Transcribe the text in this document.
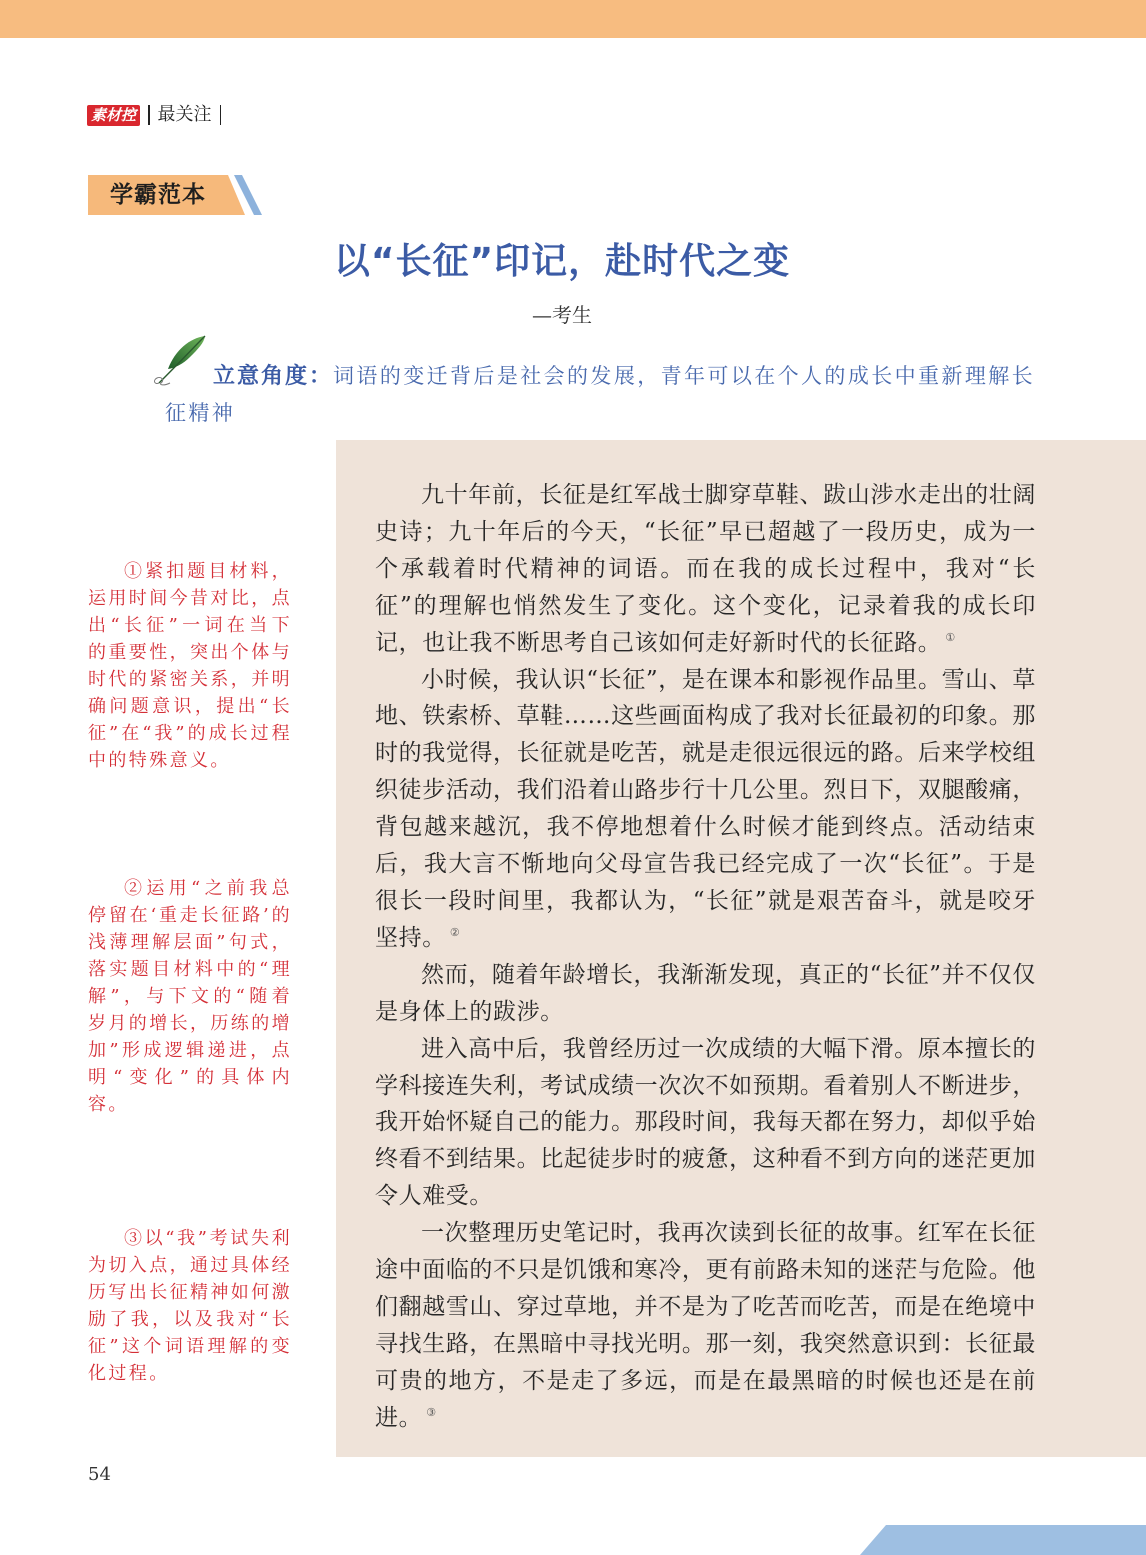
素材控 最关注
学霸范本
以“长征”印记，赴时代之变
—考生

立意角度：词语的变迁背后是社会的发展，青年可以在个人的成长中重新理解长征精神

九十年前，长征是红军战士脚穿草鞋、跋山涉水走出的壮阔史诗；九十年后的今天，“长征”早已超越了一段历史，成为一个承载着时代精神的词语。而在我的成长过程中，我对“长征”的理解也悄然发生了变化。这个变化，记录着我的成长印记，也让我不断思考自己该如何走好新时代的长征路。 ①

小时候，我认识“长征”，是在课本和影视作品里。雪山、草地、铁索桥、草鞋……这些画面构成了我对长征最初的印象。那时的我觉得，长征就是吃苦，就是走很远很远的路。后来学校组织徒步活动，我们沿着山路步行十几公里。烈日下，双腿酸痛，背包越来越沉，我不停地想着什么时候才能到终点。活动结束后，我大言不惭地向父母宣告我已经完成了一次“长征”。于是很长一段时间里，我都认为，“长征”就是艰苦奋斗，就是咬牙坚持。 ②

然而，随着年龄增长，我渐渐发现，真正的“长征”并不仅仅是身体上的跋涉。

进入高中后，我曾经历过一次成绩的大幅下滑。原本擅长的学科接连失利，考试成绩一次次不如预期。看着别人不断进步，我开始怀疑自己的能力。那段时间，我每天都在努力，却似乎始终看不到结果。比起徒步时的疲惫，这种看不到方向的迷茫更加令人难受。

一次整理历史笔记时，我再次读到长征的故事。红军在长征途中面临的不只是饥饿和寒冷，更有前路未知的迷茫与危险。他们翻越雪山、穿过草地，并不是为了吃苦而吃苦，而是在绝境中寻找生路，在黑暗中寻找光明。那一刻，我突然意识到：长征最可贵的地方，不是走了多远，而是在最黑暗的时候也还是在前进。 ③

①紧扣题目材料，运用时间今昔对比，点出“长征”一词在当下的重要性，突出个体与时代的紧密关系，并明确问题意识，提出“长征”在“我”的成长过程中的特殊意义。

②运用“之前我总停留在‘重走长征路’的浅薄理解层面”句式，落实题目材料中的“理解”，与下文的“随着岁月的增长，历练的增加”形成逻辑递进，点明“变化”的具体内容。

③以“我”考试失利为切入点，通过具体经历写出长征精神如何激励了我，以及我对“长征”这个词语理解的变化过程。

54
